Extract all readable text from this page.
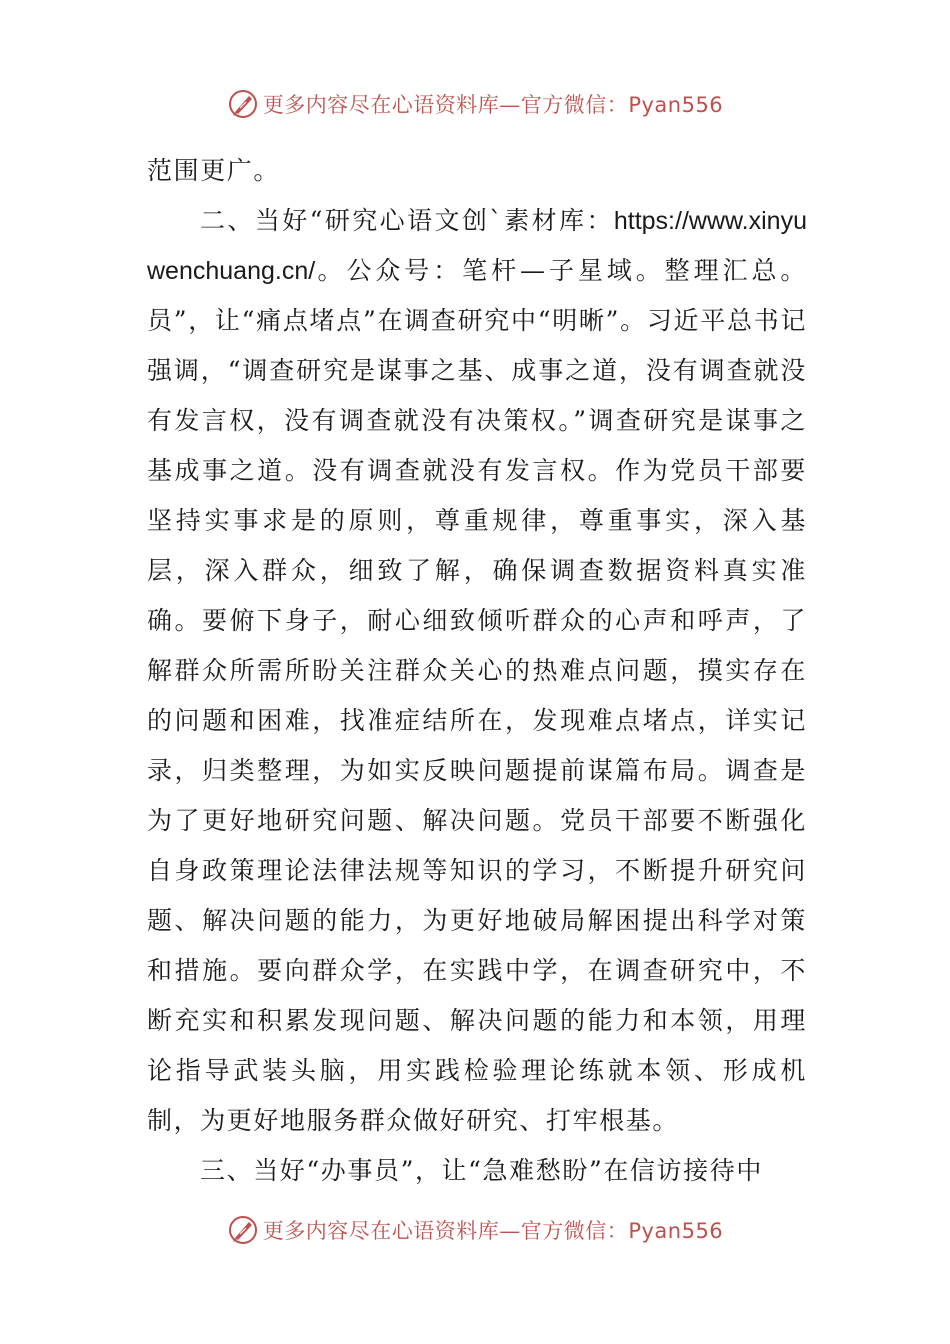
更多内容尽在心语资料库—官方微信：Pyan556

范围更广。

二、当好“研究心语文创`素材库：https://www.xinyuwenchuang.cn/。公众号：笔杆—子星域。整理汇总。员”，让“痛点堵点”在调查研究中“明晰”。习近平总书记强调，“调查研究是谋事之基、成事之道，没有调查就没有发言权，没有调查就没有决策权。”调查研究是谋事之基成事之道。没有调查就没有发言权。作为党员干部要坚持实事求是的原则，尊重规律，尊重事实，深入基层，深入群众，细致了解，确保调查数据资料真实准确。要俯下身子，耐心细致倾听群众的心声和呼声，了解群众所需所盼关注群众关心的热难点问题，摸实存在的问题和困难，找准症结所在，发现难点堵点，详实记录，归类整理，为如实反映问题提前谋篇布局。调查是为了更好地研究问题、解决问题。党员干部要不断强化自身政策理论法律法规等知识的学习，不断提升研究问题、解决问题的能力，为更好地破局解困提出科学对策和措施。要向群众学，在实践中学，在调查研究中，不断充实和积累发现问题、解决问题的能力和本领，用理论指导武装头脑，用实践检验理论练就本领、形成机制，为更好地服务群众做好研究、打牢根基。

三、当好“办事员”，让“急难愁盼”在信访接待中

更多内容尽在心语资料库—官方微信：Pyan556
